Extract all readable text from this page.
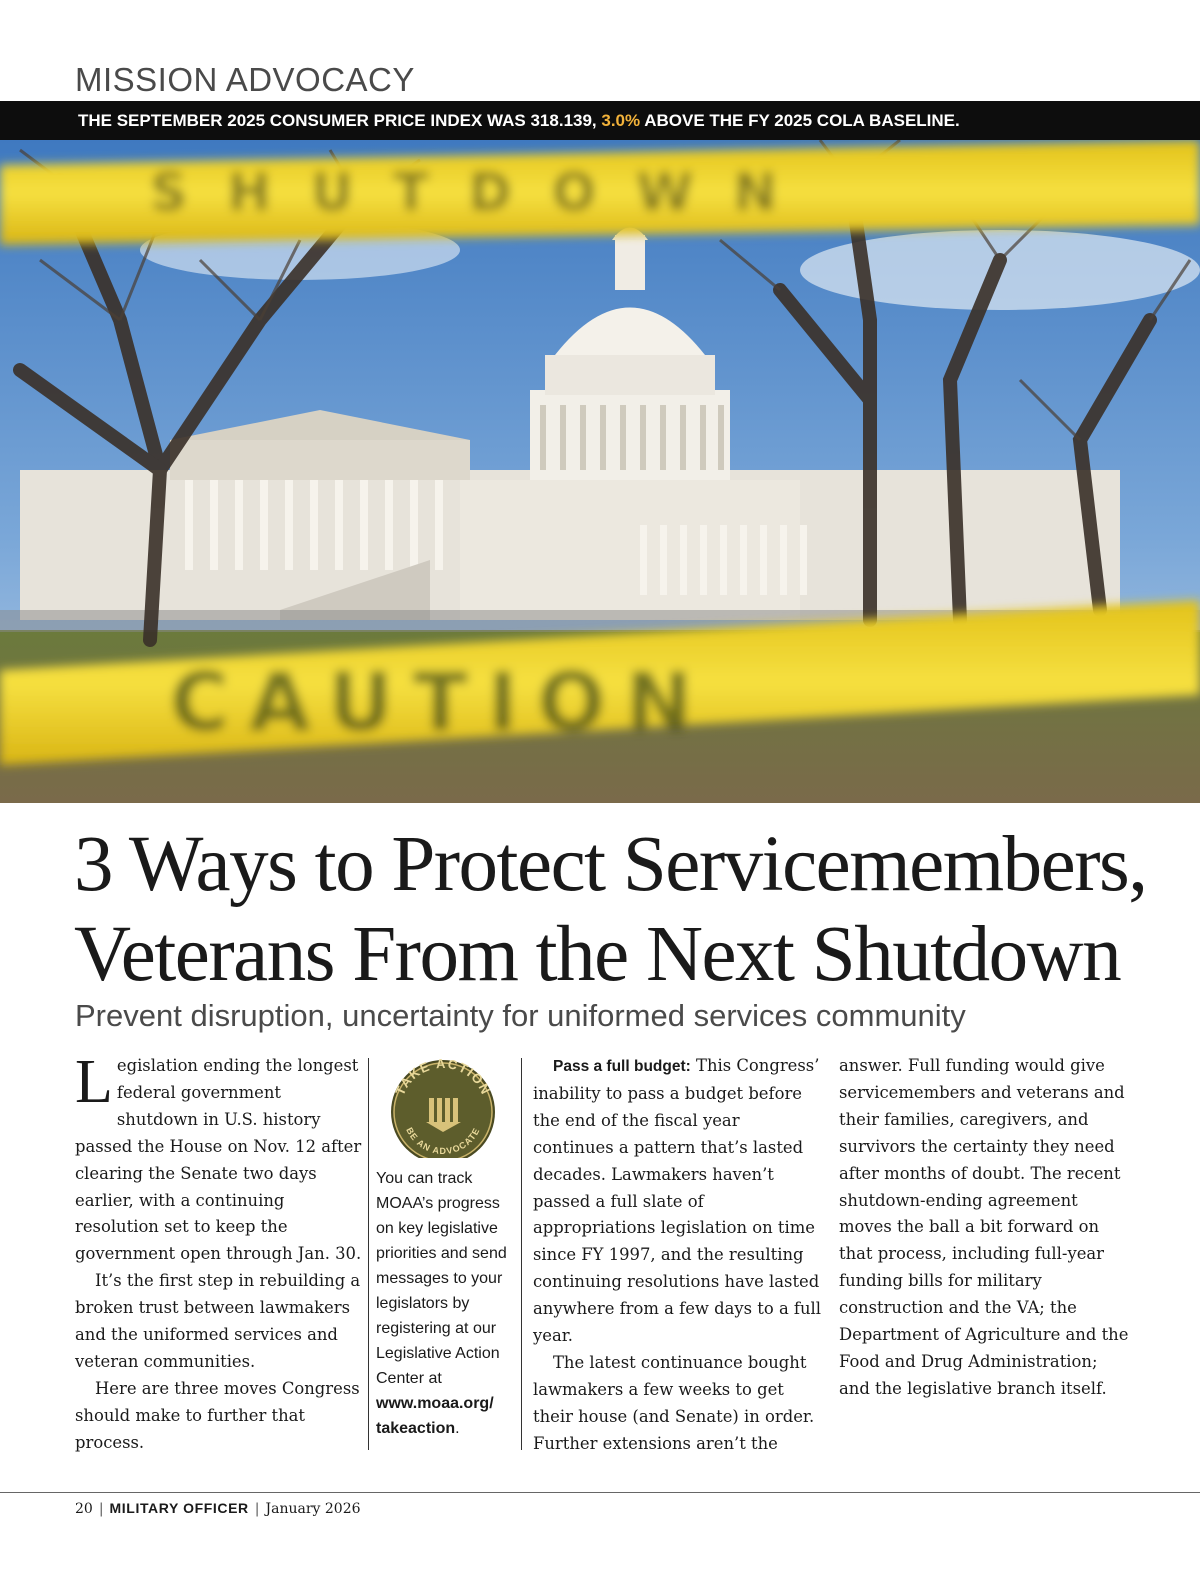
MISSION ADVOCACY
THE SEPTEMBER 2025 CONSUMER PRICE INDEX WAS 318.139, 3.0% ABOVE THE FY 2025 COLA BASELINE.
SHUTDOWN
CAUTION
3 Ways to Protect Servicemembers,
Veterans From the Next Shutdown
Prevent disruption, uncertainty for uniformed services community

Legislation ending the longest federal government shutdown in U.S. history passed the House on Nov. 12 after clearing the Senate two days earlier, with a continuing resolution set to keep the government open through Jan. 30.

It’s the first step in rebuilding a broken trust between lawmakers and the uniformed services and veteran communities.

Here are three moves Congress should make to further that process.

TAKE ACTION
BE AN ADVOCATE
You can track MOAA’s progress on key legislative priorities and send messages to your legislators by registering at our Legislative Action Center at www.moaa.org/ takeaction.

Pass a full budget: This Congress’ inability to pass a budget before the end of the fiscal year continues a pattern that’s lasted decades. Lawmakers haven’t passed a full slate of appropriations legislation on time since FY 1997, and the resulting continuing resolutions have lasted anywhere from a few days to a full year.

The latest continuance bought lawmakers a few weeks to get their house (and Senate) in order. Further extensions aren’t the answer. Full funding would give servicemembers and veterans and their families, caregivers, and survivors the certainty they need after months of doubt. The recent shutdown-ending agreement moves the ball a bit forward on that process, including full-year funding bills for military construction and the VA; the Department of Agriculture and the Food and Drug Administration; and the legislative branch itself.

20 | MILITARY OFFICER | January 2026
